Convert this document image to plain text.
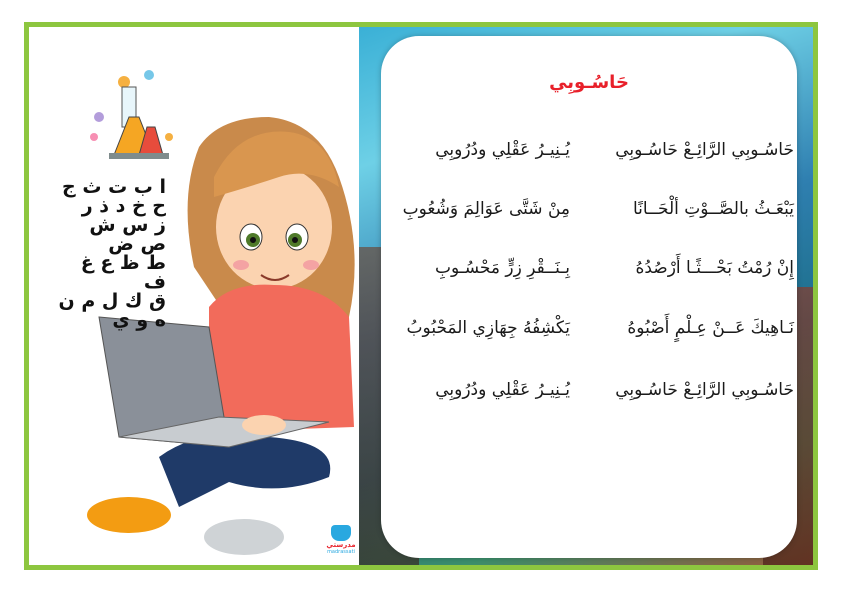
ا ب ت ث ج
ح خ د ذ ر
ز س ش ص ض
ط ظ ع غ ف
ق ك ل م ن
ه و ي
مدرستي
madrassati
حَاسُـوبِي
حَاسُـوبِي الرَّائِـعْ حَاسُـوبِي
يُـنِيـرُ عَقْلِي ودُرُوبِي
يَبْعَـثُ بالصَّــوْتِ ألْحَــانًا
مِنْ شَتَّى عَوَالِمَ وَشُعُوبِ
إِنْ رُمْتُ بَحْـــثًـا أَرْصُدُهُ
بِـنَــقْرِ زِرٍّ مَحْسُـوبِ
نَـاهِيكَ عَــنْ عِـلْمٍ أَصْبُوهُ
يَكْشِفُهُ جِهَازِي المَحْبُوبُ
حَاسُـوبِي الرَّائِـعْ حَاسُـوبِي
يُـنِيـرُ عَقْلِي ودُرُوبِي
